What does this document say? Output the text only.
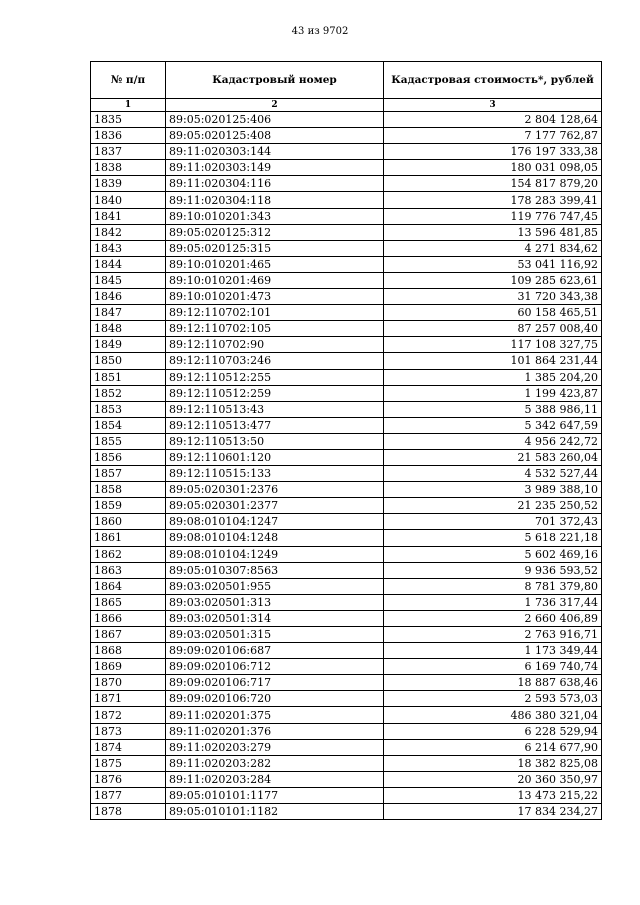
43 из 9702
№ п/п	Кадастровый номер	Кадастровая стоимость*, рублей
1	2	3
1835	89:05:020125:406	2 804 128,64
1836	89:05:020125:408	7 177 762,87
1837	89:11:020303:144	176 197 333,38
1838	89:11:020303:149	180 031 098,05
1839	89:11:020304:116	154 817 879,20
1840	89:11:020304:118	178 283 399,41
1841	89:10:010201:343	119 776 747,45
1842	89:05:020125:312	13 596 481,85
1843	89:05:020125:315	4 271 834,62
1844	89:10:010201:465	53 041 116,92
1845	89:10:010201:469	109 285 623,61
1846	89:10:010201:473	31 720 343,38
1847	89:12:110702:101	60 158 465,51
1848	89:12:110702:105	87 257 008,40
1849	89:12:110702:90	117 108 327,75
1850	89:12:110703:246	101 864 231,44
1851	89:12:110512:255	1 385 204,20
1852	89:12:110512:259	1 199 423,87
1853	89:12:110513:43	5 388 986,11
1854	89:12:110513:477	5 342 647,59
1855	89:12:110513:50	4 956 242,72
1856	89:12:110601:120	21 583 260,04
1857	89:12:110515:133	4 532 527,44
1858	89:05:020301:2376	3 989 388,10
1859	89:05:020301:2377	21 235 250,52
1860	89:08:010104:1247	701 372,43
1861	89:08:010104:1248	5 618 221,18
1862	89:08:010104:1249	5 602 469,16
1863	89:05:010307:8563	9 936 593,52
1864	89:03:020501:955	8 781 379,80
1865	89:03:020501:313	1 736 317,44
1866	89:03:020501:314	2 660 406,89
1867	89:03:020501:315	2 763 916,71
1868	89:09:020106:687	1 173 349,44
1869	89:09:020106:712	6 169 740,74
1870	89:09:020106:717	18 887 638,46
1871	89:09:020106:720	2 593 573,03
1872	89:11:020201:375	486 380 321,04
1873	89:11:020201:376	6 228 529,94
1874	89:11:020203:279	6 214 677,90
1875	89:11:020203:282	18 382 825,08
1876	89:11:020203:284	20 360 350,97
1877	89:05:010101:1177	13 473 215,22
1878	89:05:010101:1182	17 834 234,27
